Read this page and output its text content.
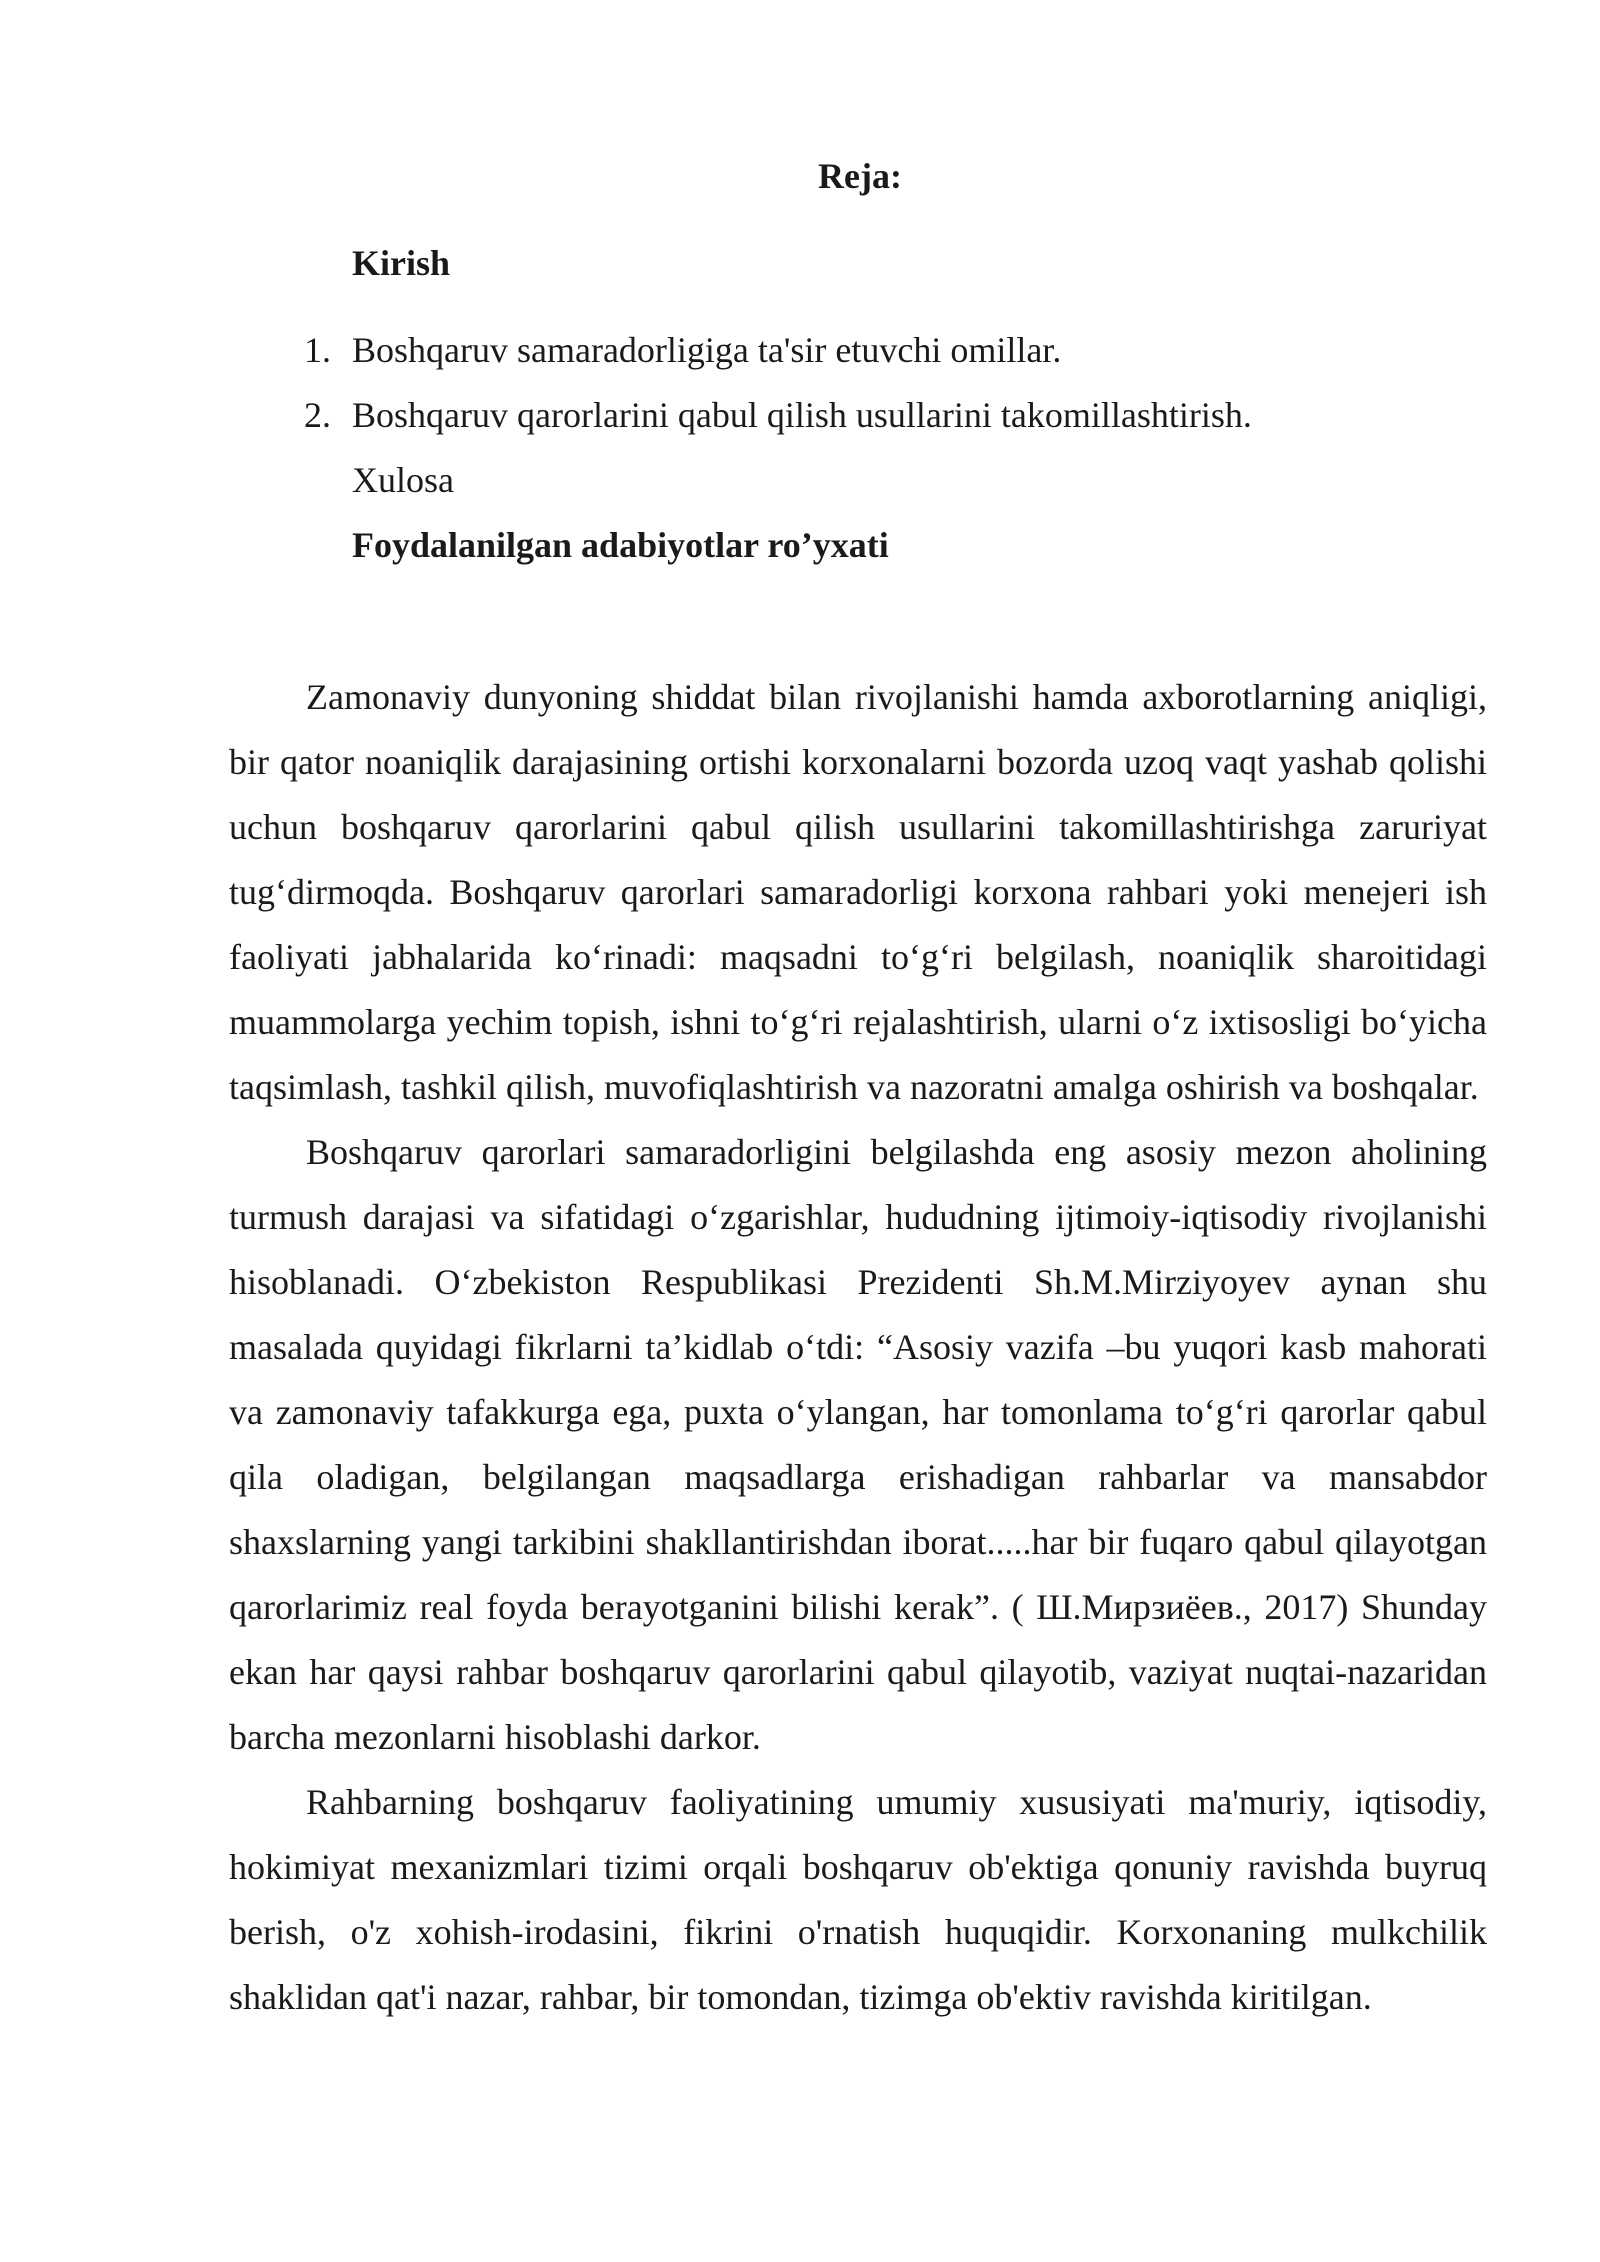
Reja:
Kirish
1. Boshqaruv samaradorligiga ta'sir etuvchi omillar.
2. Boshqaruv qarorlarini qabul qilish usullarini takomillashtirish.
Xulosa
Foydalanilgan adabiyotlar ro’yxati

Zamonaviy dunyoning shiddat bilan rivojlanishi hamda axborotlarning aniqligi, bir qator noaniqlik darajasining ortishi korxonalarni bozorda uzoq vaqt yashab qolishi uchun boshqaruv qarorlarini qabul qilish usullarini takomillashtirishga zaruriyat tug‘dirmoqda. Boshqaruv qarorlari samaradorligi korxona rahbari yoki menejeri ish faoliyati jabhalarida ko‘rinadi: maqsadni to‘g‘ri belgilash, noaniqlik sharoitidagi muammolarga yechim topish, ishni to‘g‘ri rejalashtirish, ularni o‘z ixtisosligi bo‘yicha taqsimlash, tashkil qilish, muvofiqlashtirish va nazoratni amalga oshirish va boshqalar.

Boshqaruv qarorlari samaradorligini belgilashda eng asosiy mezon aholining turmush darajasi va sifatidagi o‘zgarishlar, hududning ijtimoiy-iqtisodiy rivojlanishi hisoblanadi. O‘zbekiston Respublikasi Prezidenti Sh.M.Mirziyoyev aynan shu masalada quyidagi fikrlarni ta’kidlab o‘tdi: “Asosiy vazifa –bu yuqori kasb mahorati va zamonaviy tafakkurga ega, puxta o‘ylangan, har tomonlama to‘g‘ri qarorlar qabul qila oladigan, belgilangan maqsadlarga erishadigan rahbarlar va mansabdor shaxslarning yangi tarkibini shakllantirishdan iborat.....har bir fuqaro qabul qilayotgan qarorlarimiz real foyda berayotganini bilishi kerak”. ( Ш.Мирзиёев., 2017) Shunday ekan har qaysi rahbar boshqaruv qarorlarini qabul qilayotib, vaziyat nuqtai-nazaridan barcha mezonlarni hisoblashi darkor.

Rahbarning boshqaruv faoliyatining umumiy xususiyati ma'muriy, iqtisodiy, hokimiyat mexanizmlari tizimi orqali boshqaruv ob'ektiga qonuniy ravishda buyruq berish, o'z xohish-irodasini, fikrini o'rnatish huquqidir. Korxonaning mulkchilik shaklidan qat'i nazar, rahbar, bir tomondan, tizimga ob'ektiv ravishda kiritilgan.
